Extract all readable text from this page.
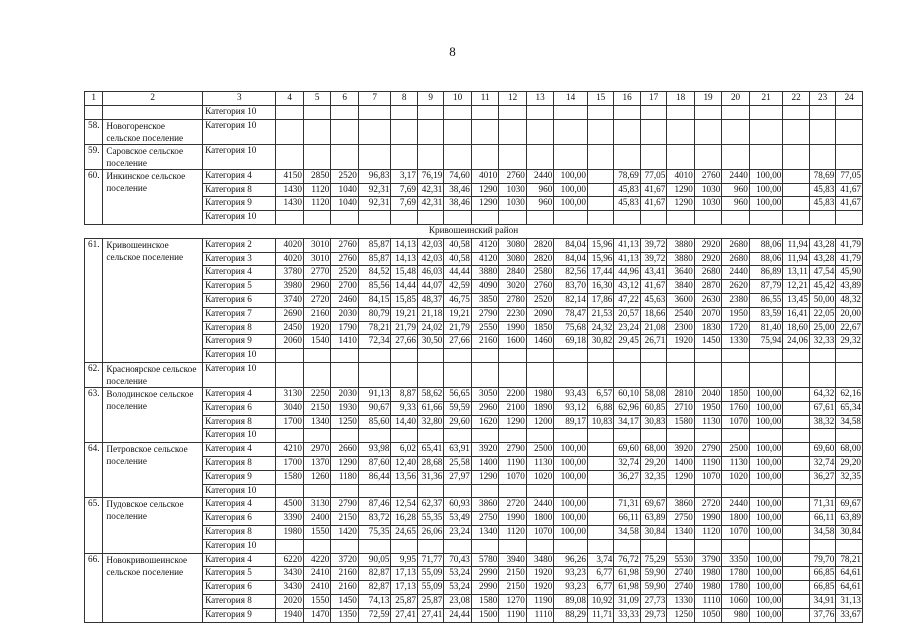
8
1	2	3	4	5	6	7	8	9	10	11	12	13	14	15	16	17	18	19	20	21	22	23	24
		Категория 10																					
58.	Новогоренское сельское поселение	Категория 10																					
59.	Саровское сельское поселение	Категория 10																					
60.	Инкинское сельское поселение	Категория 4	4150	2850	2520	96,83	3,17	76,19	74,60	4010	2760	2440	100,00		78,69	77,05	4010	2760	2440	100,00		78,69	77,05
		Категория 8	1430	1120	1040	92,31	7,69	42,31	38,46	1290	1030	960	100,00		45,83	41,67	1290	1030	960	100,00		45,83	41,67
		Категория 9	1430	1120	1040	92,31	7,69	42,31	38,46	1290	1030	960	100,00		45,83	41,67	1290	1030	960	100,00		45,83	41,67
		Категория 10																					
Кривошеинский район																							
61.	Кривошеинское сельское поселение	Категория 2	4020	3010	2760	85,87	14,13	42,03	40,58	4120	3080	2820	84,04	15,96	41,13	39,72	3880	2920	2680	88,06	11,94	43,28	41,79
		Категория 3	4020	3010	2760	85,87	14,13	42,03	40,58	4120	3080	2820	84,04	15,96	41,13	39,72	3880	2920	2680	88,06	11,94	43,28	41,79
		Категория 4	3780	2770	2520	84,52	15,48	46,03	44,44	3880	2840	2580	82,56	17,44	44,96	43,41	3640	2680	2440	86,89	13,11	47,54	45,90
		Категория 5	3980	2960	2700	85,56	14,44	44,07	42,59	4090	3020	2760	83,70	16,30	43,12	41,67	3840	2870	2620	87,79	12,21	45,42	43,89
		Категория 6	3740	2720	2460	84,15	15,85	48,37	46,75	3850	2780	2520	82,14	17,86	47,22	45,63	3600	2630	2380	86,55	13,45	50,00	48,32
		Категория 7	2690	2160	2030	80,79	19,21	21,18	19,21	2790	2230	2090	78,47	21,53	20,57	18,66	2540	2070	1950	83,59	16,41	22,05	20,00
		Категория 8	2450	1920	1790	78,21	21,79	24,02	21,79	2550	1990	1850	75,68	24,32	23,24	21,08	2300	1830	1720	81,40	18,60	25,00	22,67
		Категория 9	2060	1540	1410	72,34	27,66	30,50	27,66	2160	1600	1460	69,18	30,82	29,45	26,71	1920	1450	1330	75,94	24,06	32,33	29,32
		Категория 10																					
62.	Красноярское сельское поселение	Категория 10																					
63.	Володинское сельское поселение	Категория 4	3130	2250	2030	91,13	8,87	58,62	56,65	3050	2200	1980	93,43	6,57	60,10	58,08	2810	2040	1850	100,00		64,32	62,16
		Категория 6	3040	2150	1930	90,67	9,33	61,66	59,59	2960	2100	1890	93,12	6,88	62,96	60,85	2710	1950	1760	100,00		67,61	65,34
		Категория 8	1700	1340	1250	85,60	14,40	32,80	29,60	1620	1290	1200	89,17	10,83	34,17	30,83	1580	1130	1070	100,00		38,32	34,58
		Категория 10																					
64.	Петровское сельское поселение	Категория 4	4210	2970	2660	93,98	6,02	65,41	63,91	3920	2790	2500	100,00		69,60	68,00	3920	2790	2500	100,00		69,60	68,00
		Категория 8	1700	1370	1290	87,60	12,40	28,68	25,58	1400	1190	1130	100,00		32,74	29,20	1400	1190	1130	100,00		32,74	29,20
		Категория 9	1580	1260	1180	86,44	13,56	31,36	27,97	1290	1070	1020	100,00		36,27	32,35	1290	1070	1020	100,00		36,27	32,35
		Категория 10																					
65.	Пудовское сельское поселение	Категория 4	4500	3130	2790	87,46	12,54	62,37	60,93	3860	2720	2440	100,00		71,31	69,67	3860	2720	2440	100,00		71,31	69,67
		Категория 6	3390	2400	2150	83,72	16,28	55,35	53,49	2750	1990	1800	100,00		66,11	63,89	2750	1990	1800	100,00		66,11	63,89
		Категория 8	1980	1550	1420	75,35	24,65	26,06	23,24	1340	1120	1070	100,00		34,58	30,84	1340	1120	1070	100,00		34,58	30,84
		Категория 10																					
66.	Новокривошеинское сельское поселение	Категория 4	6220	4220	3720	90,05	9,95	71,77	70,43	5780	3940	3480	96,26	3,74	76,72	75,29	5530	3790	3350	100,00		79,70	78,21
		Категория 5	3430	2410	2160	82,87	17,13	55,09	53,24	2990	2150	1920	93,23	6,77	61,98	59,90	2740	1980	1780	100,00		66,85	64,61
		Категория 6	3430	2410	2160	82,87	17,13	55,09	53,24	2990	2150	1920	93,23	6,77	61,98	59,90	2740	1980	1780	100,00		66,85	64,61
		Категория 8	2020	1550	1450	74,13	25,87	25,87	23,08	1580	1270	1190	89,08	10,92	31,09	27,73	1330	1110	1060	100,00		34,91	31,13
		Категория 9	1940	1470	1350	72,59	27,41	27,41	24,44	1500	1190	1110	88,29	11,71	33,33	29,73	1250	1050	980	100,00		37,76	33,67
